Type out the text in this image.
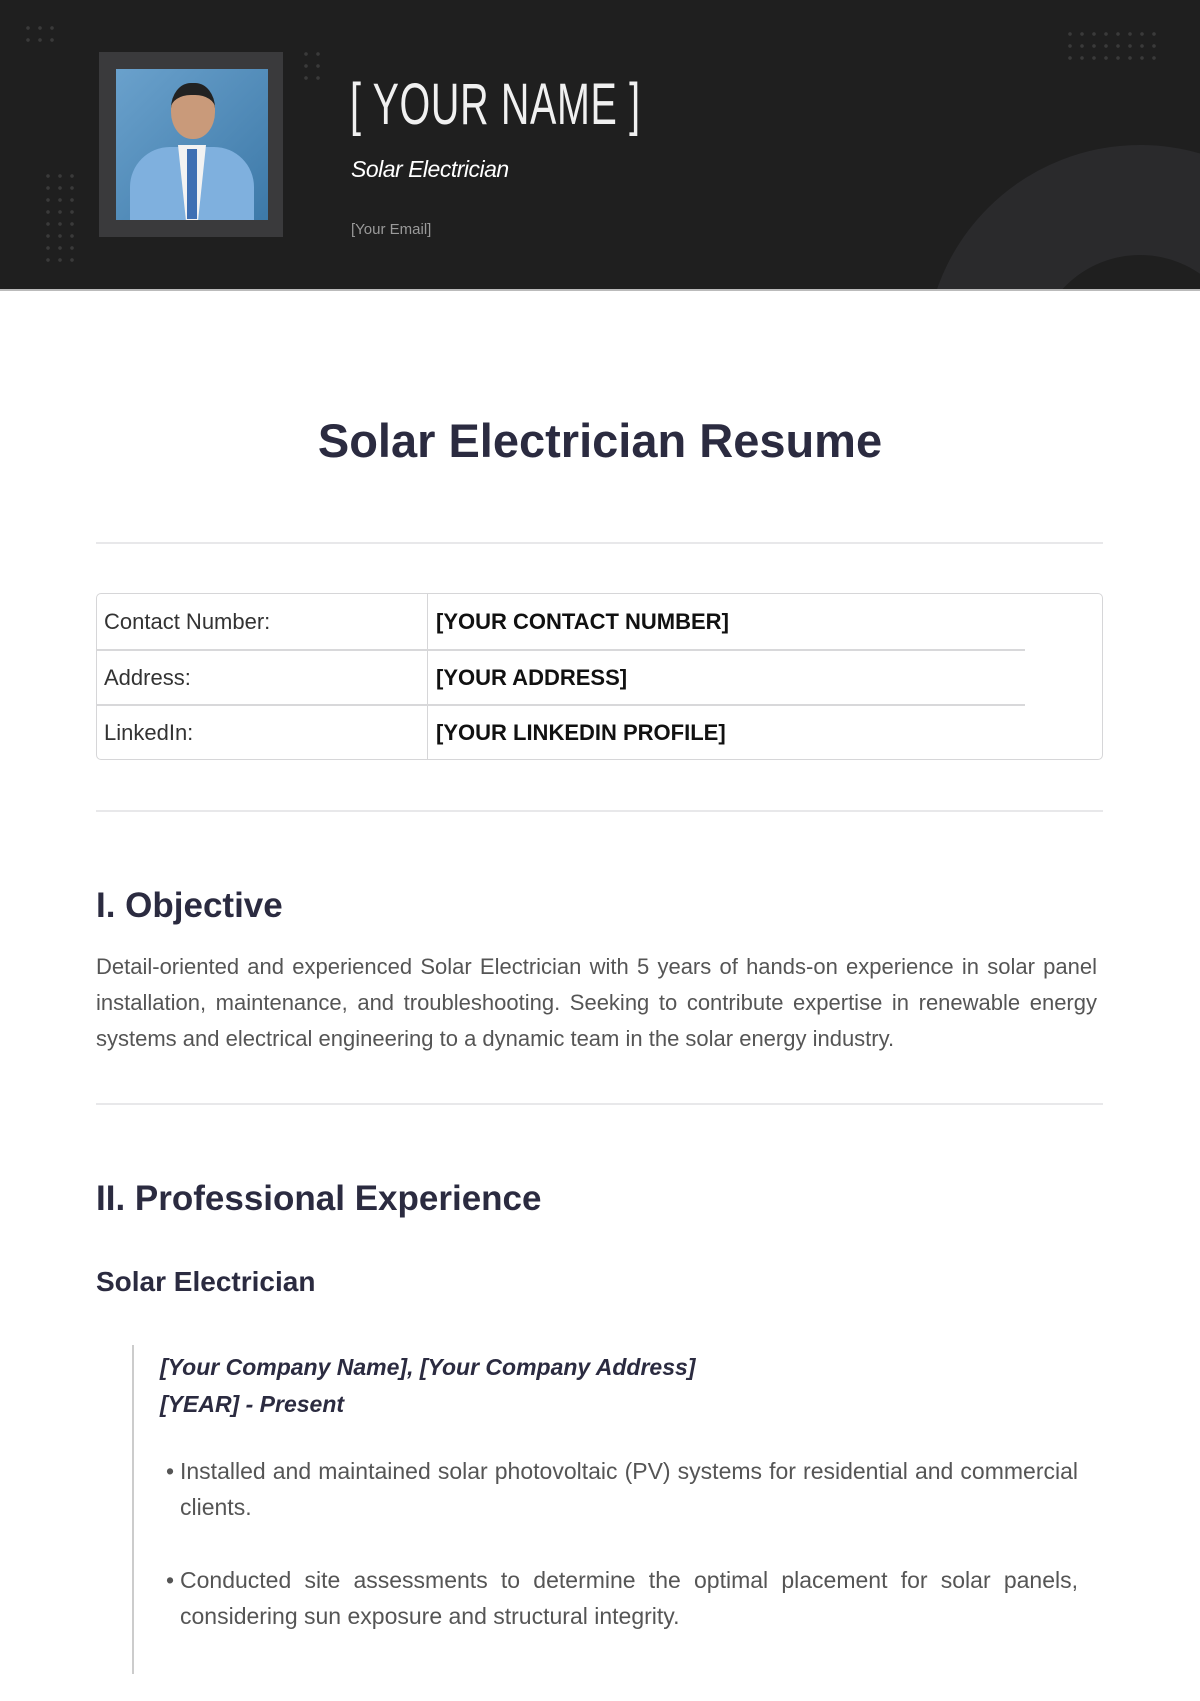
[ YOUR NAME ]
Solar Electrician
[Your Email]
Solar Electrician Resume
Contact Number:	[YOUR CONTACT NUMBER]
Address:	[YOUR ADDRESS]
LinkedIn:	[YOUR LINKEDIN PROFILE]
I. Objective

Detail-oriented and experienced Solar Electrician with 5 years of hands-on experience in solar panel installation, maintenance, and troubleshooting. Seeking to contribute expertise in renewable energy systems and electrical engineering to a dynamic team in the solar energy industry.

II. Professional Experience
Solar Electrician
[Your Company Name], [Your Company Address]
[YEAR] - Present
• Installed and maintained solar photovoltaic (PV) systems for residential and commercial clients.
• Conducted site assessments to determine the optimal placement for solar panels, considering sun exposure and structural integrity.
